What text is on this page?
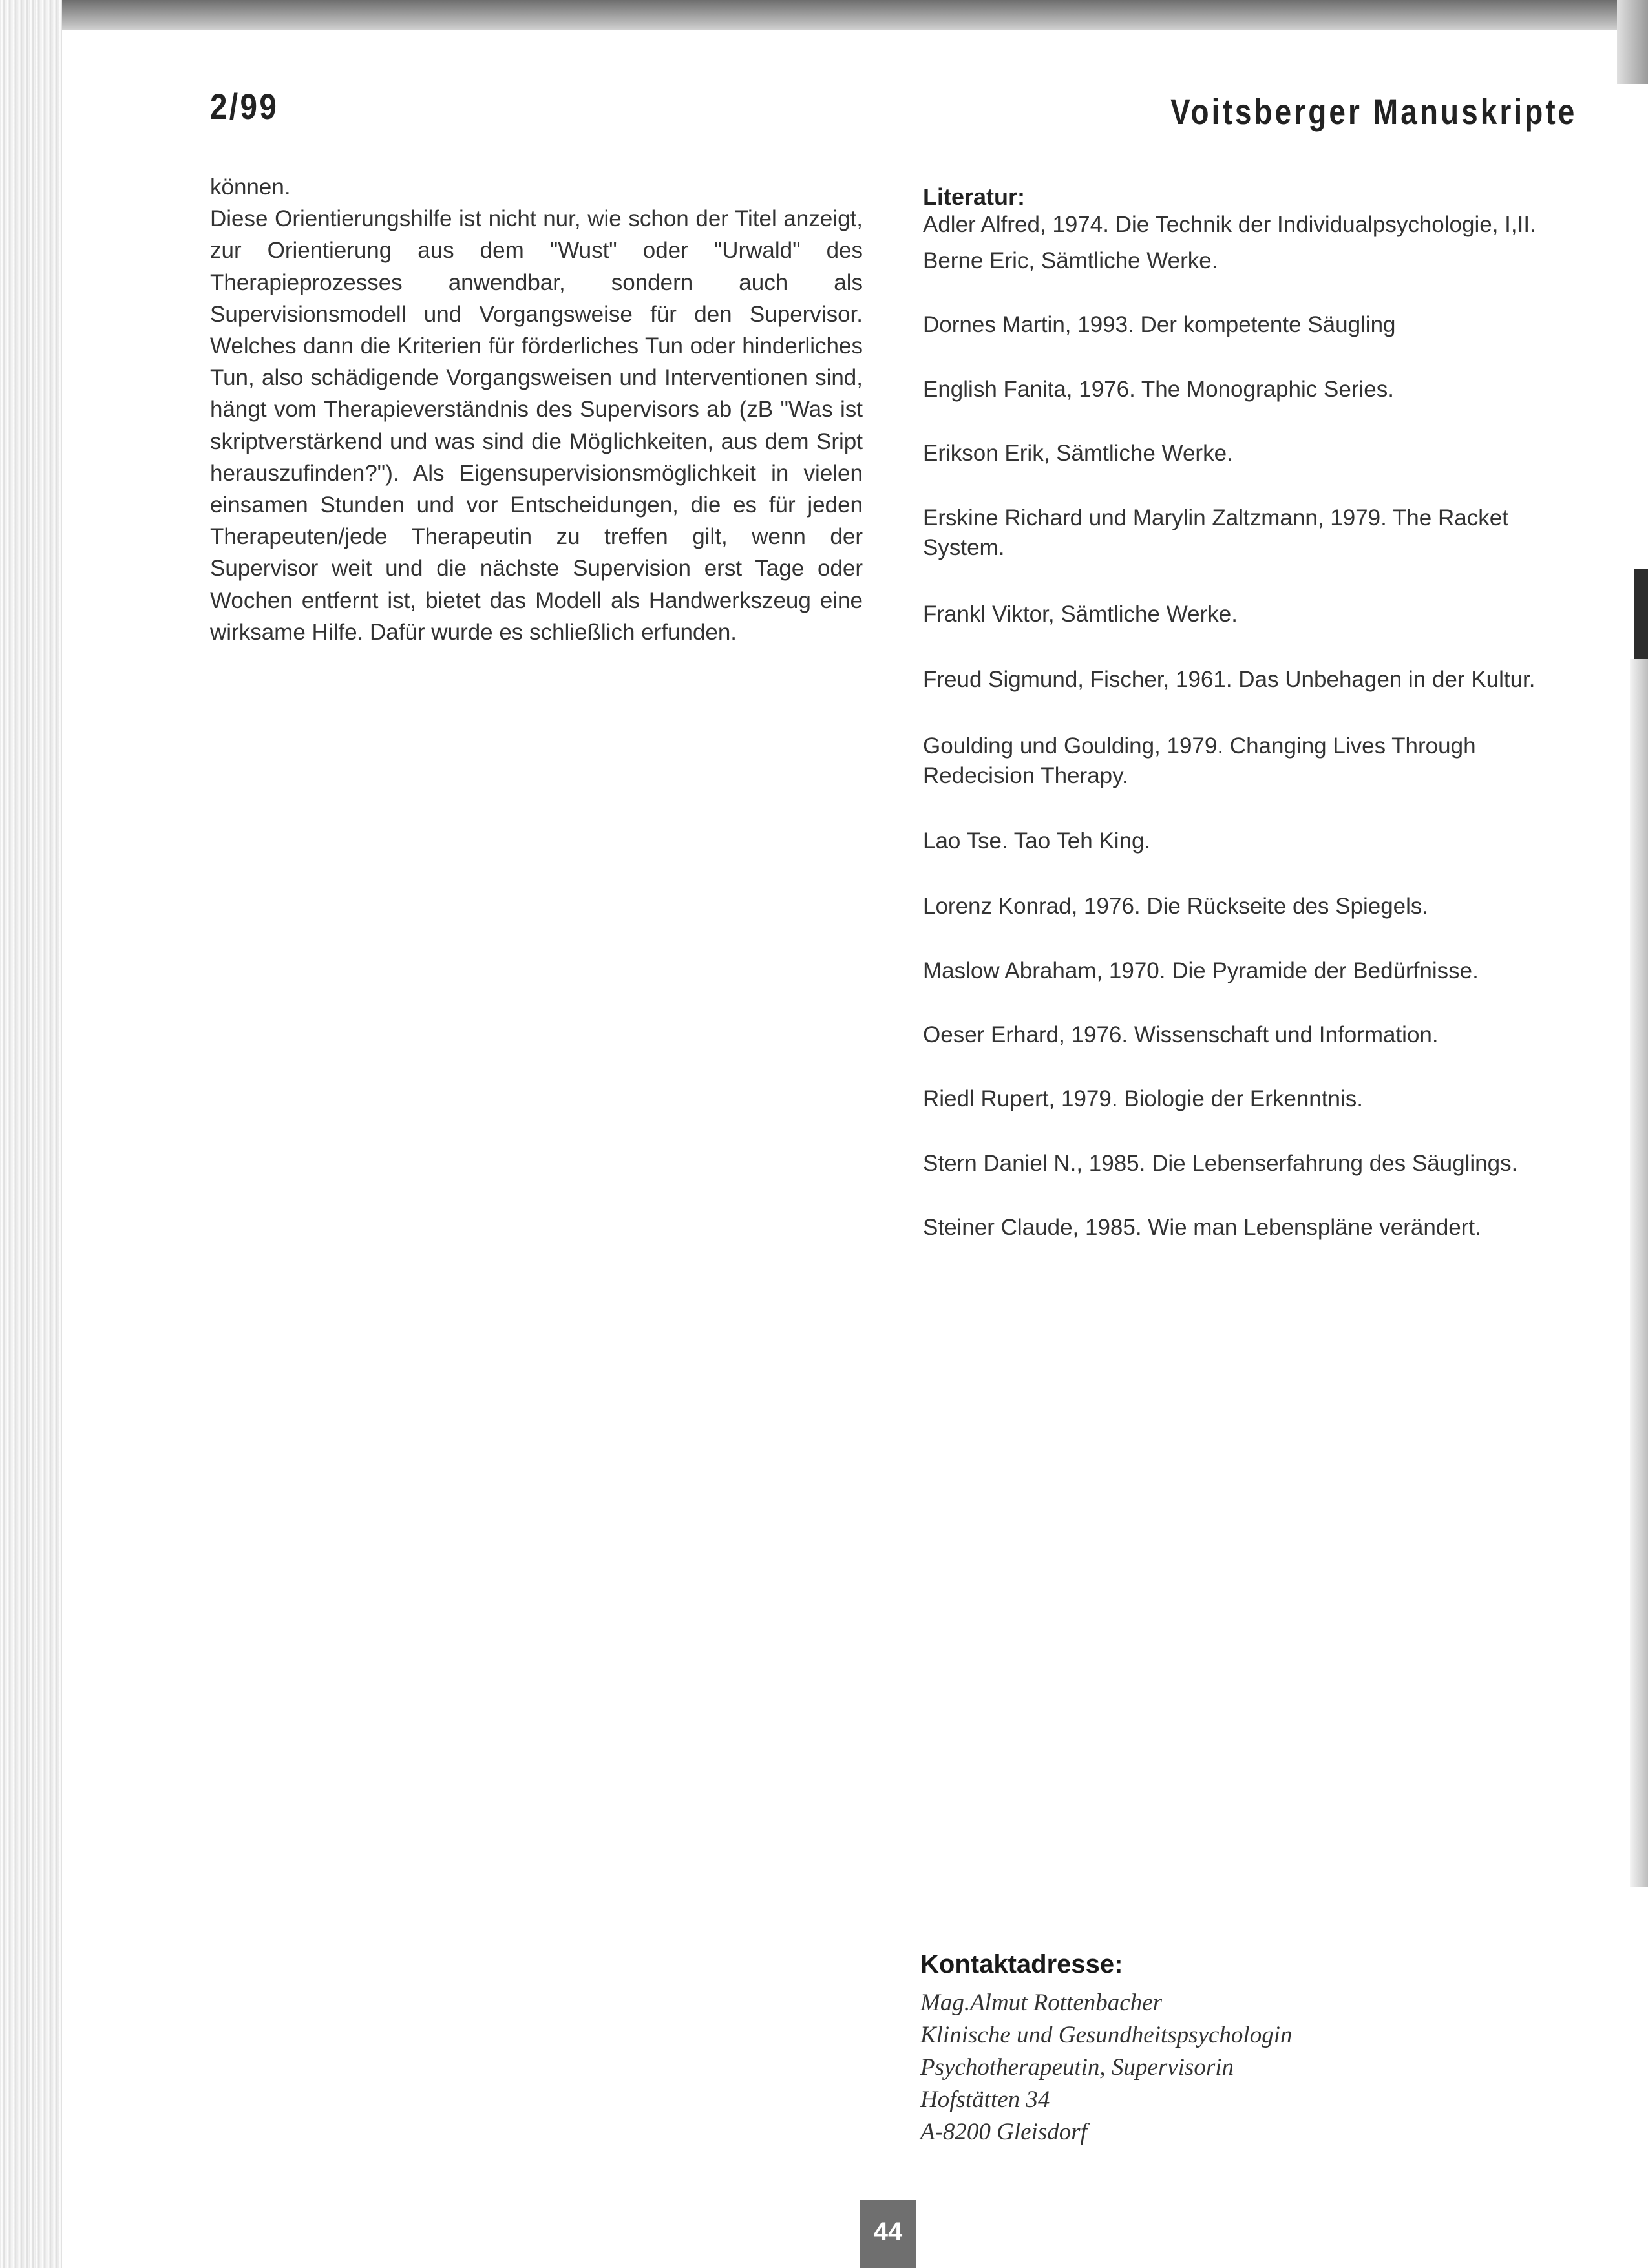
2/99	Voitsberger Manuskripte

können.

Diese Orientierungshilfe ist nicht nur, wie schon der Titel anzeigt, zur Orientierung aus dem "Wust" oder "Urwald" des Therapieprozesses anwendbar, sondern auch als Supervisionsmodell und Vorgangsweise für den Supervisor. Welches dann die Kriterien für förderliches Tun oder hinderliches Tun, also schädigende Vorgangsweisen und Interventionen sind, hängt vom Therapieverständnis des Supervisors ab (zB "Was ist skriptverstärkend und was sind die Möglichkeiten, aus dem Sript herauszufinden?"). Als Eigensupervisionsmöglichkeit in vielen einsamen Stunden und vor Entscheidungen, die es für jeden Therapeuten/jede Therapeutin zu treffen gilt, wenn der Supervisor weit und die nächste Supervision erst Tage oder Wochen entfernt ist, bietet das Modell als Handwerkszeug eine wirksame Hilfe. Dafür wurde es schließlich erfunden.

Literatur:
Adler Alfred, 1974. Die Technik der Individualpsychologie, I,II.
Berne Eric, Sämtliche Werke.
Dornes Martin, 1993. Der kompetente Säugling
English Fanita, 1976. The Monographic Series.
Erikson Erik, Sämtliche Werke.
Erskine Richard und Marylin Zaltzmann, 1979. The Racket System.
Frankl Viktor, Sämtliche Werke.
Freud Sigmund, Fischer, 1961. Das Unbehagen in der Kultur.
Goulding und Goulding, 1979. Changing Lives Through Redecision Therapy.
Lao Tse. Tao Teh King.
Lorenz Konrad, 1976. Die Rückseite des Spiegels.
Maslow Abraham, 1970. Die Pyramide der Bedürfnisse.
Oeser Erhard, 1976. Wissenschaft und Information.
Riedl Rupert, 1979. Biologie der Erkenntnis.
Stern Daniel N., 1985. Die Lebenserfahrung des Säuglings.
Steiner Claude, 1985. Wie man Lebenspläne verändert.
Kontaktadresse:
Mag.Almut Rottenbacher
Klinische und Gesundheitspsychologin
Psychotherapeutin, Supervisorin
Hofstätten 34
A-8200 Gleisdorf
44
